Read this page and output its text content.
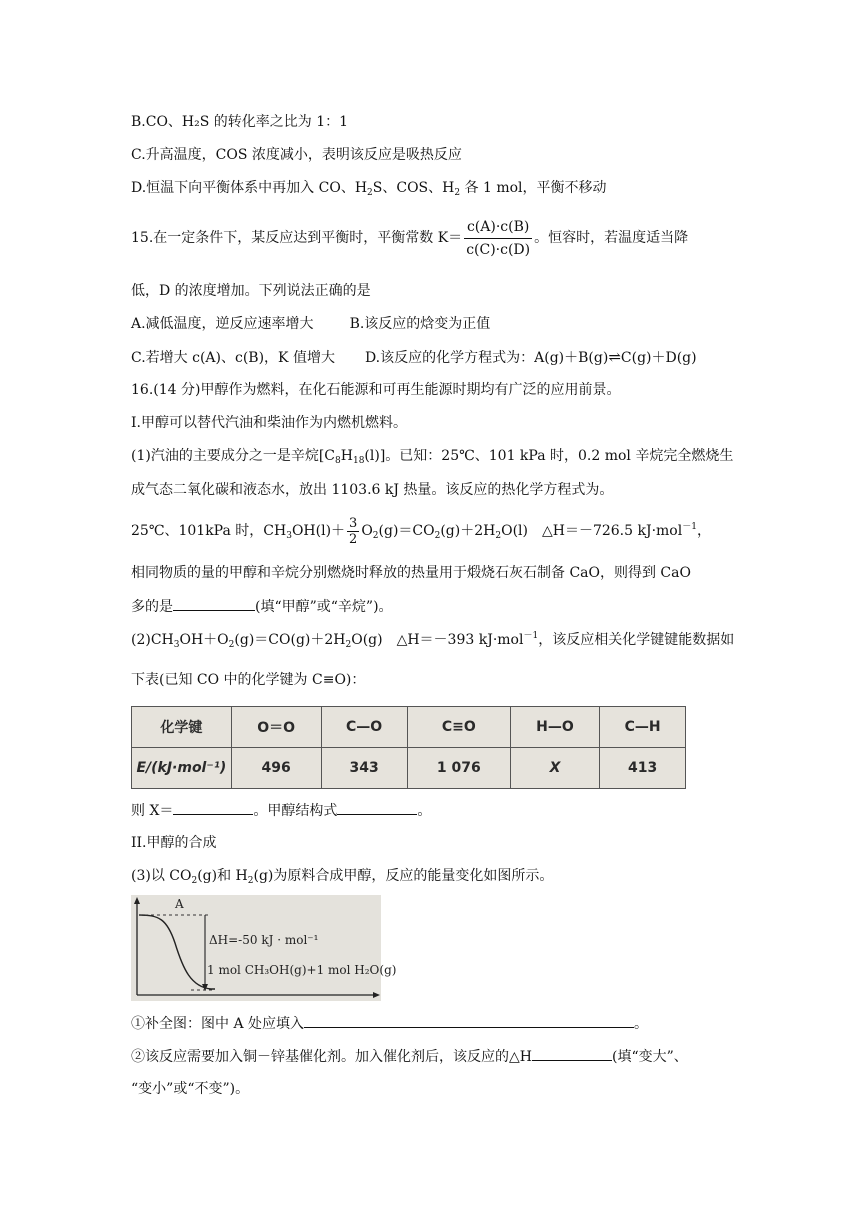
B.CO、H₂S 的转化率之比为 1：1
C.升高温度，COS 浓度减小，表明该反应是吸热反应
D.恒温下向平衡体系中再加入 CO、$H_2S$、COS、$H_2$ 各 1 mol，平衡不移动
15.在一定条件下，某反应达到平衡时，平衡常数 $K= \frac{c(A)\cdot c(B)}{c(C)\cdot c(D)}$ 。恒容时，若温度适当降
低，D 的浓度增加。下列说法正确的是
A.减低温度，逆反应速率增大	B.该反应的焓变为正值
C.若增大 c(A)、c(B)，K 值增大 D.该反应的化学方程式为：A(g)＋B(g)⇌C(g)＋D(g)
16.(14 分)甲醇作为燃料，在化石能源和可再生能源时期均有广泛的应用前景。
I.甲醇可以替代汽油和柴油作为内燃机燃料。
(1)汽油的主要成分之一是辛烷$[C_8H_{18}(l)]$。已知：25℃、101 kPa 时，0.2 mol 辛烷完全燃烧生
成气态二氧化碳和液态水，放出 1103.6 kJ 热量。该反应的热化学方程式为。
25℃、101kPa 时，$CH_3OH(l)+ \frac{3}{2} O_2(g)=CO_2(g)+2H_2O(l)$　△H＝－726.5 kJ·mol$^{-1}$，
相同物质的量的甲醇和辛烷分别燃烧时释放的热量用于煅烧石灰石制备 CaO，则得到 CaO
多的是	(填“甲醇”或“辛烷”)。
$(2)CH_3OH+O_2(g)=CO(g)+2H_2O(g)$　△H＝－393 kJ·mol$^{-1}$，该反应相关化学键键能数据如
下表(已知 CO 中的化学键为 C≡O)：
化学键	O＝O	C—O	C≡O	H—O	C—H
E/(kJ·mol⁻¹)	496	343	1 076	X	413
则 X＝	。甲醇结构式	。
II.甲醇的合成
(3)以 $CO_2(g)$和 $H_2(g)$为原料合成甲醇，反应的能量变化如图所示。
A
ΔH=-50 kJ · mol⁻¹
1 mol CH₃OH(g)+1 mol H₂O(g)
①补全图：图中 A 处应填入	。
②该反应需要加入铜－锌基催化剂。加入催化剂后，该反应的△H	(填“变大”、
“变小”或“不变”)。
